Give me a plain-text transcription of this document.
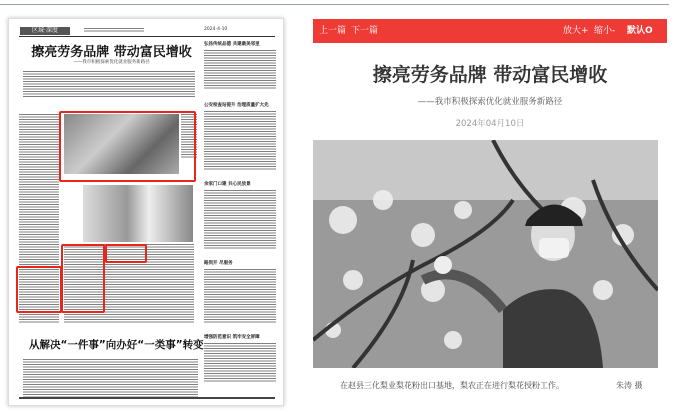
区域·深度	2024-4-10
擦亮劳务品牌 带动富民增收
——我市积极探索优化就业服务新路径
弘扬传统品德 共建最美邻里
公安检查站提升 治理质量扩大先
余家门口建 共心民放景
路到开 尽服务
增强防范意识 筑牢安全屏障
从解决“一件事”向办好“一类事”转变
上一篇 下一篇	放大+ 缩小- 默认O
擦亮劳务品牌 带动富民增收
——我市积极探索优化就业服务新路径
2024年04月10日
在赵县三化梨业梨花粉出口基地，梨农正在进行梨花授粉工作。	朱涛 摄
